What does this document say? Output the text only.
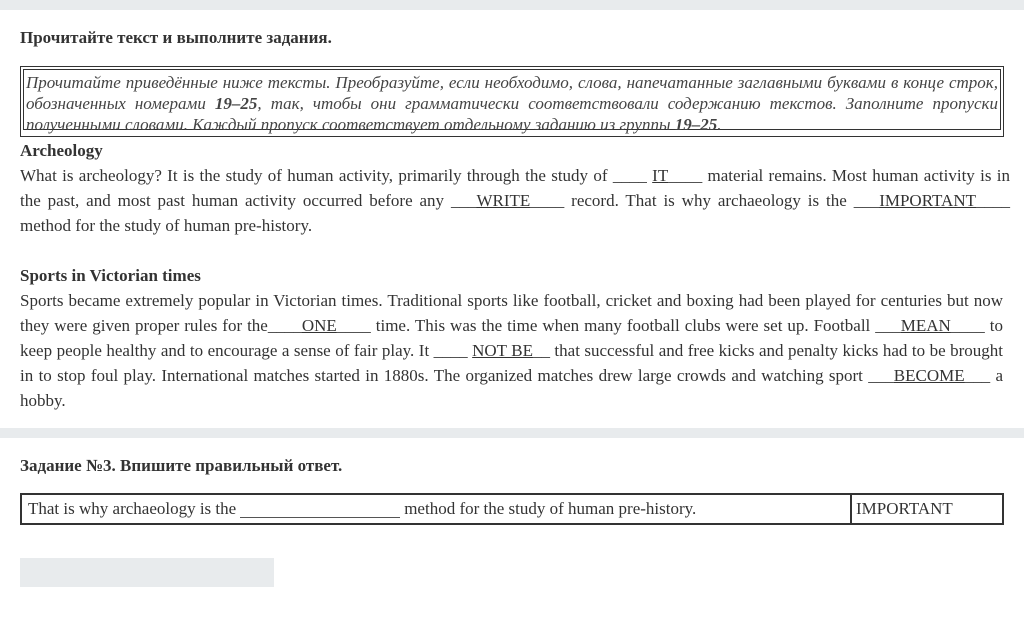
Прочитайте текст и выполните задания.
Прочитайте приведённые ниже тексты. Преобразуйте, если необходимо, слова, напечатанные заглавными буквами в конце строк, обозначенных номерами 19–25, так, чтобы они грамматически соответствовали содержанию текстов. Заполните пропуски полученными словами. Каждый пропуск соответствует отдельному заданию из группы 19–25.
Archeology
What is archeology? It is the study of human activity, primarily through the study of ____ IT____ material remains. Most human activity is in the past, and most past human activity occurred before any ___WRITE____ record. That is why archaeology is the ___IMPORTANT____ method for the study of human pre-history.
Sports in Victorian times
Sports became extremely popular in Victorian times. Traditional sports like football, cricket and boxing had been played for centuries but now they were given proper rules for the____ONE____ time. This was the time when many football clubs were set up. Football ___MEAN____ to keep people healthy and to encourage a sense of fair play. It ____ NOT BE__ that successful and free kicks and penalty kicks had to be brought in to stop foul play. International matches started in 1880s. The organized matches drew large crowds and watching sport ___BECOME___ a hobby.
Задание №3. Впишите правильный ответ.
That is why archaeology is the	method for the study of human pre-history.	IMPORTANT
